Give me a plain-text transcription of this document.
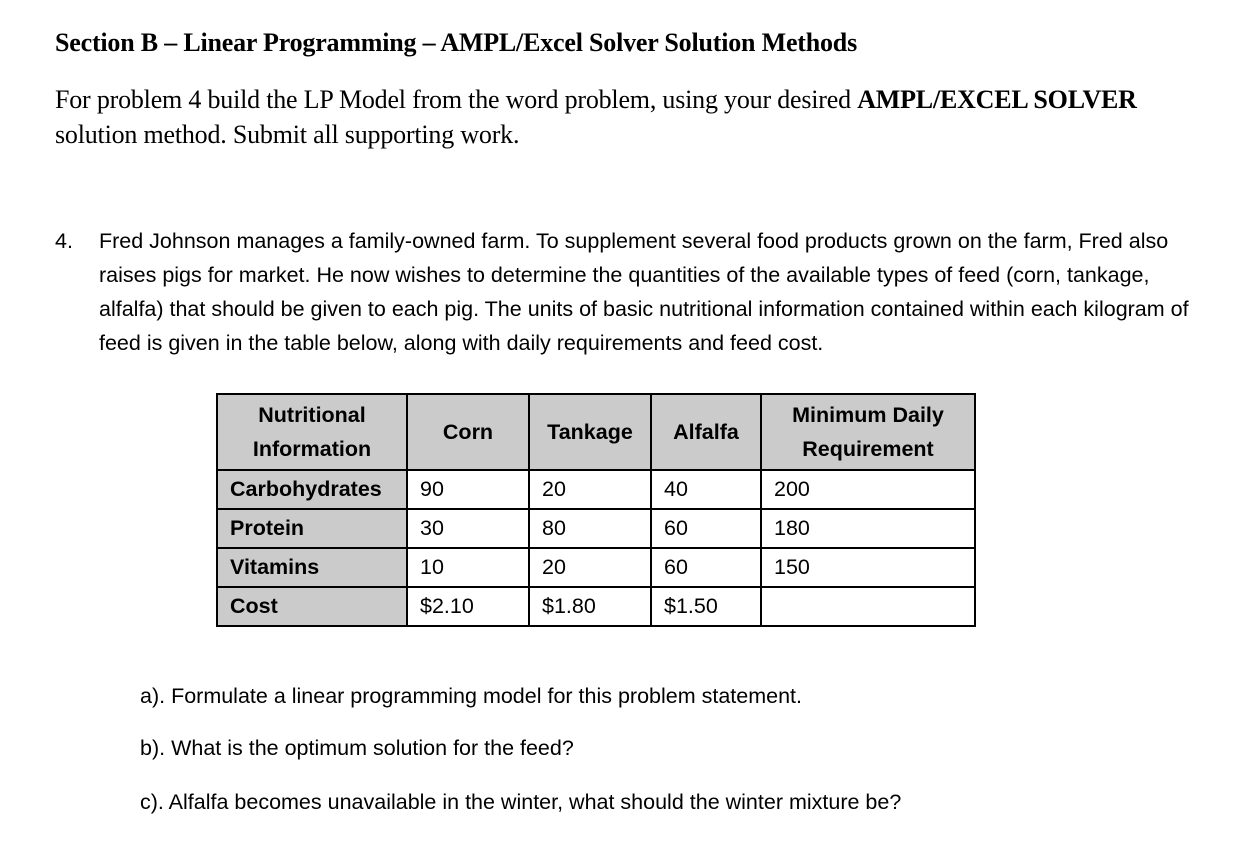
Section B – Linear Programming – AMPL/Excel Solver Solution Methods
For problem 4 build the LP Model from the word problem, using your desired AMPL/EXCEL SOLVER solution method. Submit all supporting work.
4. Fred Johnson manages a family-owned farm. To supplement several food products grown on the farm, Fred also raises pigs for market. He now wishes to determine the quantities of the available types of feed (corn, tankage, alfalfa) that should be given to each pig. The units of basic nutritional information contained within each kilogram of feed is given in the table below, along with daily requirements and feed cost.
Nutritional Information	Corn	Tankage	Alfalfa	Minimum Daily Requirement
Carbohydrates	90	20	40	200
Protein	30	80	60	180
Vitamins	10	20	60	150
Cost	$2.10	$1.80	$1.50	
a). Formulate a linear programming model for this problem statement.
b). What is the optimum solution for the feed?
c). Alfalfa becomes unavailable in the winter, what should the winter mixture be?
